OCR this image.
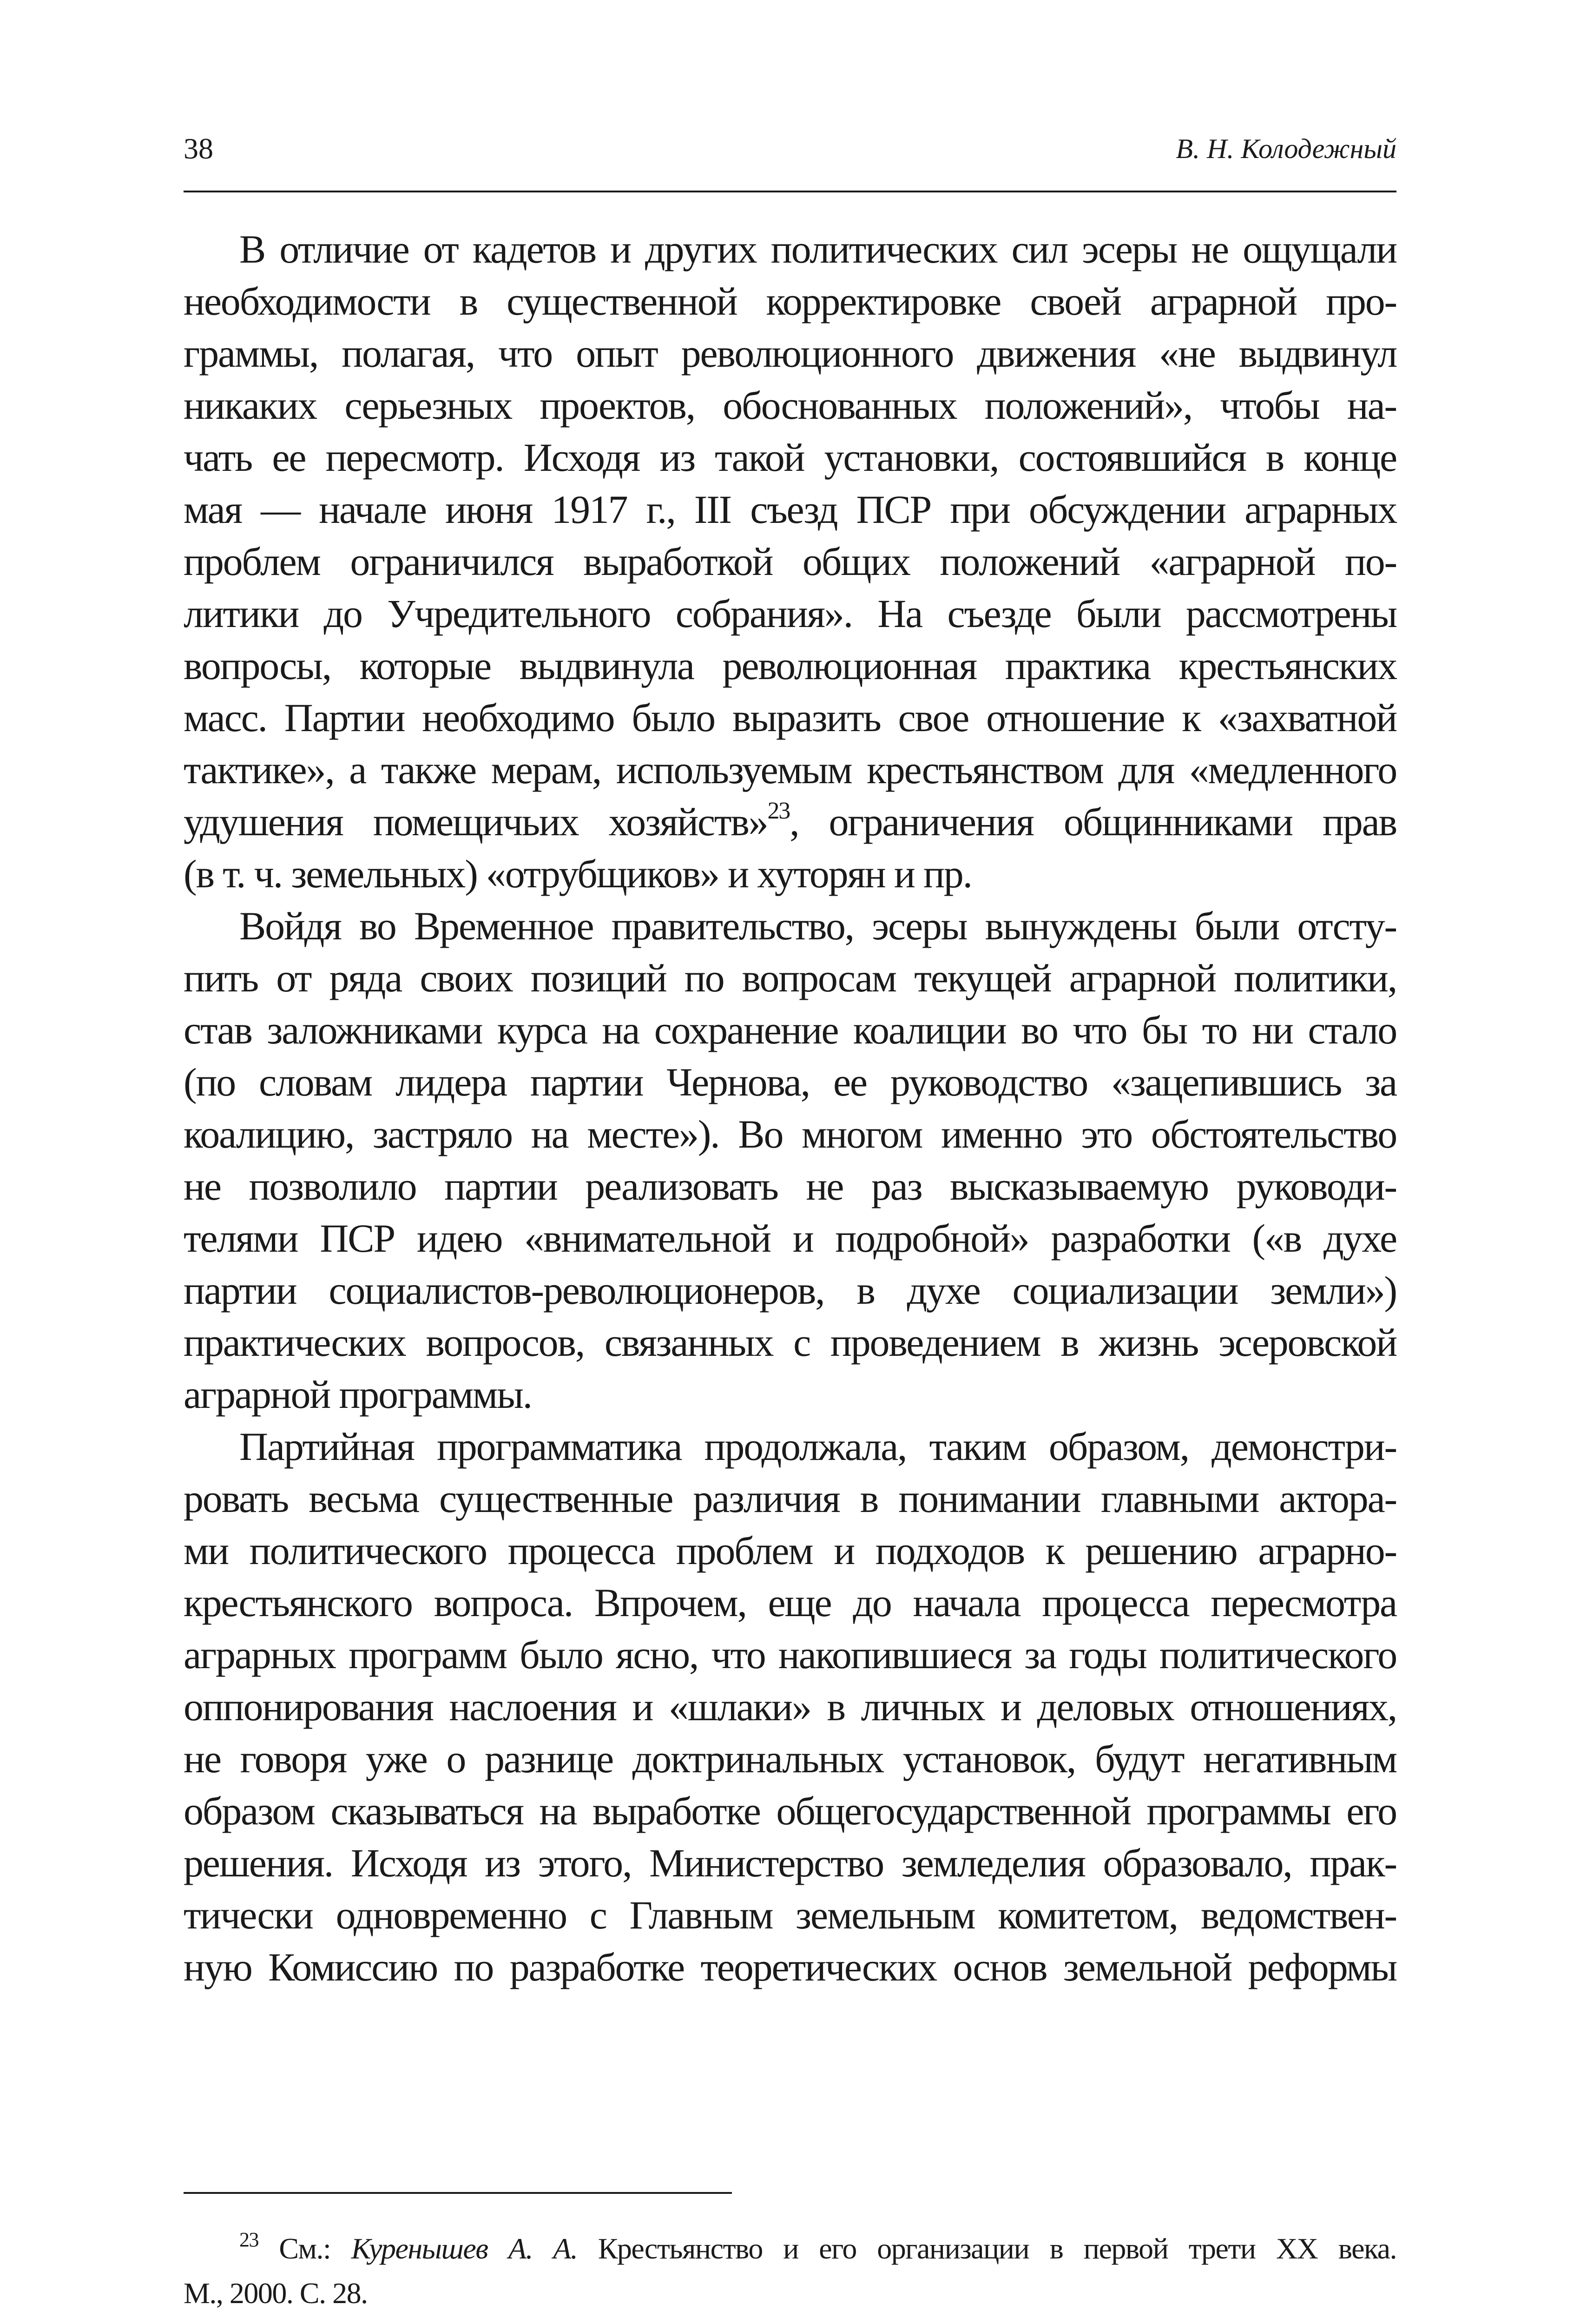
38	В. Н. Колодежный
В отличие от кадетов и других политических сил эсеры не ощущали
необходимости в существенной корректировке своей аграрной про-
граммы, полагая, что опыт революционного движения «не выдвинул
никаких серьезных проектов, обоснованных положений», чтобы на-
чать ее пересмотр. Исходя из такой установки, состоявшийся в конце
мая — начале июня 1917 г., III съезд ПСР при обсуждении аграрных
проблем ограничился выработкой общих положений «аграрной по-
литики до Учредительного собрания». На съезде были рассмотрены
вопросы, которые выдвинула революционная практика крестьянских
масс. Партии необходимо было выразить свое отношение к «захватной
тактике», а также мерам, используемым крестьянством для «медленного
удушения помещичьих хозяйств»$^{23}$, ограничения общинниками прав
(в т. ч. земельных) «отрубщиков» и хуторян и пр.
Войдя во Временное правительство, эсеры вынуждены были отсту-
пить от ряда своих позиций по вопросам текущей аграрной политики,
став заложниками курса на сохранение коалиции во что бы то ни стало
(по словам лидера партии Чернова, ее руководство «зацепившись за
коалицию, застряло на месте»). Во многом именно это обстоятельство
не позволило партии реализовать не раз высказываемую руководи-
телями ПСР идею «внимательной и подробной» разработки («в духе
партии социалистов-революционеров, в духе социализации земли»)
практических вопросов, связанных с проведением в жизнь эсеровской
аграрной программы.
Партийная программатика продолжала, таким образом, демонстри-
ровать весьма существенные различия в понимании главными актора-
ми политического процесса проблем и подходов к решению аграрно-
крестьянского вопроса. Впрочем, еще до начала процесса пересмотра
аграрных программ было ясно, что накопившиеся за годы политического
оппонирования наслоения и «шлаки» в личных и деловых отношениях,
не говоря уже о разнице доктринальных установок, будут негативным
образом сказываться на выработке общегосударственной программы его
решения. Исходя из этого, Министерство земледелия образовало, прак-
тически одновременно с Главным земельным комитетом, ведомствен-
ную Комиссию по разработке теоретических основ земельной реформы
$^{23}$ См.: Куренышев А. А. Крестьянство и его организации в первой трети XX века.
М., 2000. С. 28.
